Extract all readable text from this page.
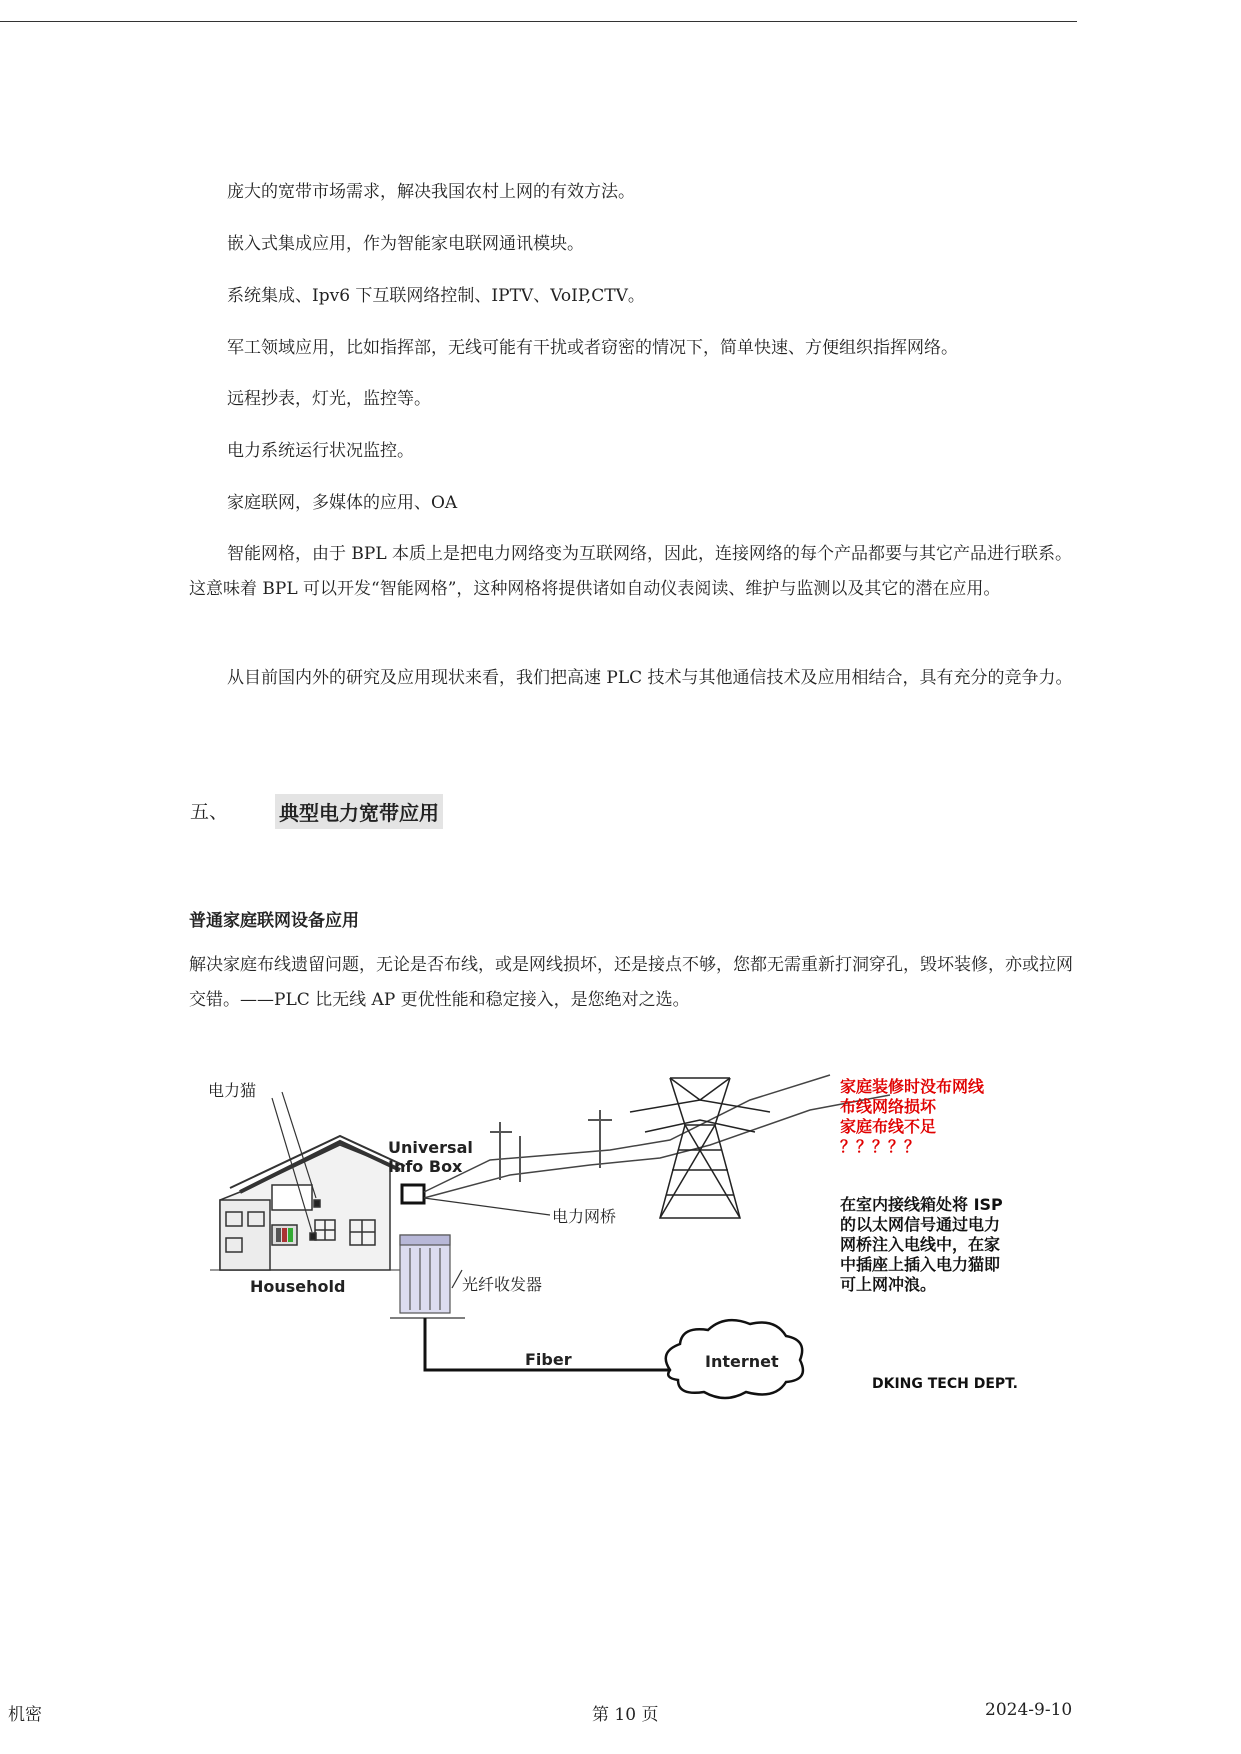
庞大的宽带市场需求，解决我国农村上网的有效方法。

嵌入式集成应用，作为智能家电联网通讯模块。

系统集成、Ipv6 下互联网络控制、IPTV、VoIP,CTV。

军工领域应用，比如指挥部，无线可能有干扰或者窃密的情况下，简单快速、方便组织指挥网络。

远程抄表，灯光，监控等。

电力系统运行状况监控。

家庭联网，多媒体的应用、OA

智能网格，由于 BPL 本质上是把电力网络变为互联网络，因此，连接网络的每个产品都要与其它产品进行联系。这意味着 BPL 可以开发“智能网格”，这种网格将提供诸如自动仪表阅读、维护与监测以及其它的潜在应用。

从目前国内外的研究及应用现状来看，我们把高速 PLC 技术与其他通信技术及应用相结合，具有充分的竞争力。

五、	典型电力宽带应用
普通家庭联网设备应用

解决家庭布线遗留问题，无论是否布线，或是网线损坏，还是接点不够，您都无需重新打洞穿孔，毁坏装修，亦或拉网交错。——PLC 比无线 AP 更优性能和稳定接入，是您绝对之选。

电力猫
Universal
Info Box
电力网桥
Household	光纤收发器
Fiber	Internet
家庭装修时没布网线
布线网络损坏
家庭布线不足
？？？？？
在室内接线箱处将 ISP
的以太网信号通过电力
网桥注入电线中，在家
中插座上插入电力猫即
可上网冲浪。
DKING TECH DEPT.
机密	第 10 页	2024-9-10
